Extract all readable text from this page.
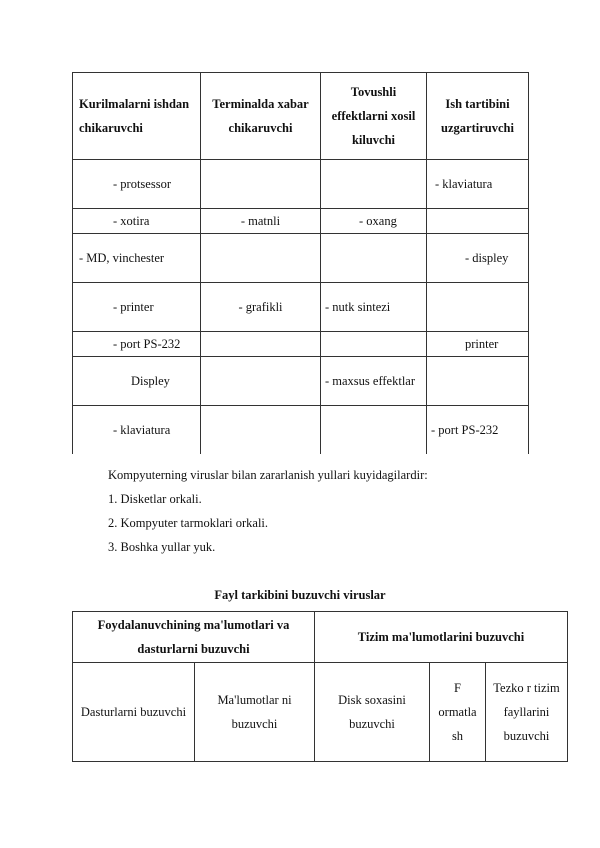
Kurilmalarni ishdan chikaruvchi	Terminalda xabar chikaruvchi	Tovushli effektlarni xosil kiluvchi	Ish tartibini uzgartiruvchi
- protsessor			- klaviatura
- xotira	- matnli	- oxang	
- MD, vinchester			- displey
- printer	- grafikli	- nutk sintezi	
- port PS-232			printer
Displey		- maxsus effektlar	
- klaviatura			- port PS-232
Kompyuterning viruslar bilan zararlanish yullari kuyidagilardir:
1. Disketlar orkali.
2. Kompyuter tarmoklari orkali.
3. Boshka yullar yuk.
Fayl tarkibini buzuvchi viruslar
Foydalanuvchining ma'lumotlari va dasturlarni buzuvchi		Tizim ma'lumotlarini buzuvchi		
Dasturlarni buzuvchi	Ma'lumotlar ni buzuvchi	Disk soxasini buzuvchi	F ormatla sh	Tezko r tizim fayllarini buzuvchi
